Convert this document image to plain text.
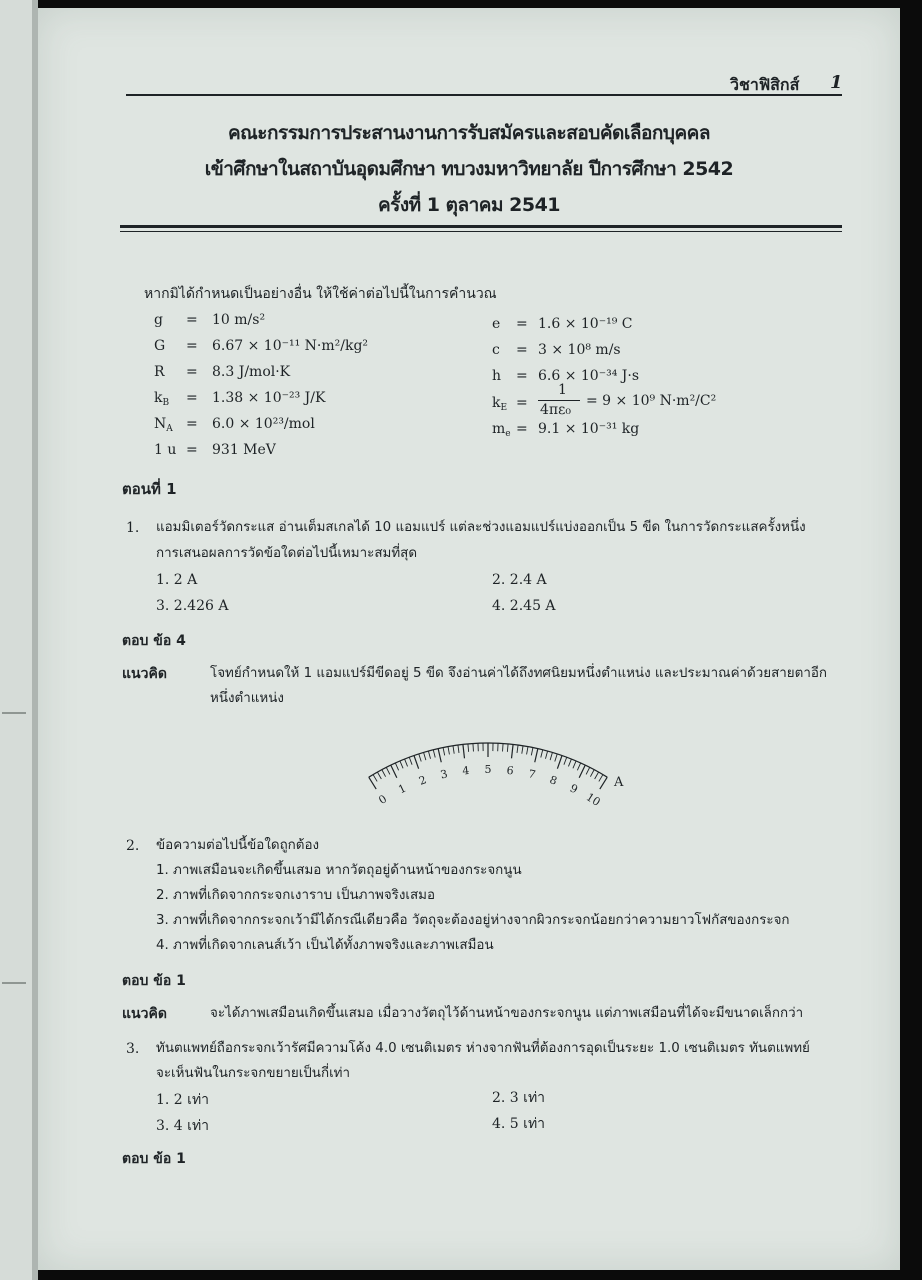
วิชาฟิสิกส์ 1
คณะกรรมการประสานงานการรับสมัครและสอบคัดเลือกบุคคล
เข้าศึกษาในสถาบันอุดมศึกษา ทบวงมหาวิทยาลัย ปีการศึกษา 2542
ครั้งที่ 1 ตุลาคม 2541
หากมิได้กำหนดเป็นอย่างอื่น ให้ใช้ค่าต่อไปนี้ในการคำนวณ
g = 10 m/s²
G = 6.67 × 10⁻¹¹ N·m²/kg²
R = 8.3 J/mol·K
$k_B = 1.38 \times 10^{-23}$ J/K
$N_A = 6.0 \times 10^{23}/mol$
1 u = 931 MeV
e = 1.6 × 10⁻¹⁹ C
c = 3 × 10⁸ m/s
h = 6.6 × 10⁻³⁴ J·s
$k_E$ =
1
4πε₀
= 9 × 10⁹ N·m²/C²
$m_e = 9.1 \times 10^{-31}$ kg
ตอนที่ 1
1. แอมมิเตอร์วัดกระแส อ่านเต็มสเกลได้ 10 แอมแปร์ แต่ละช่วงแอมแปร์แบ่งออกเป็น 5 ขีด ในการวัดกระแสครั้งหนึ่ง
การเสนอผลการวัดข้อใดต่อไปนี้เหมาะสมที่สุด
1. 2 A	2. 2.4 A
3. 2.426 A	4. 2.45 A
ตอบ ข้อ 4
แนวคิด	โจทย์กำหนดให้ 1 แอมแปร์มีขีดอยู่ 5 ขีด จึงอ่านค่าได้ถึงทศนิยมหนึ่งตำแหน่ง และประมาณค่าด้วยสายตาอีก
หนึ่งตำแหน่ง
0
1
2 3 4 5 6 7 8
9
10
A
2. ข้อความต่อไปนี้ข้อใดถูกต้อง
1. ภาพเสมือนจะเกิดขึ้นเสมอ หากวัตถุอยู่ด้านหน้าของกระจกนูน
2. ภาพที่เกิดจากกระจกเงาราบ เป็นภาพจริงเสมอ
3. ภาพที่เกิดจากกระจกเว้ามีได้กรณีเดียวคือ วัตถุจะต้องอยู่ห่างจากผิวกระจกน้อยกว่าความยาวโฟกัสของกระจก
4. ภาพที่เกิดจากเลนส์เว้า เป็นได้ทั้งภาพจริงและภาพเสมือน
ตอบ ข้อ 1
แนวคิด	จะได้ภาพเสมือนเกิดขึ้นเสมอ เมื่อวางวัตถุไว้ด้านหน้าของกระจกนูน แต่ภาพเสมือนที่ได้จะมีขนาดเล็กกว่า
3. ทันตแพทย์ถือกระจกเว้ารัศมีความโค้ง 4.0 เซนติเมตร ห่างจากฟันที่ต้องการอุดเป็นระยะ 1.0 เซนติเมตร ทันตแพทย์
จะเห็นฟันในกระจกขยายเป็นกี่เท่า
1. 2 เท่า	2. 3 เท่า
3. 4 เท่า	4. 5 เท่า
ตอบ ข้อ 1
